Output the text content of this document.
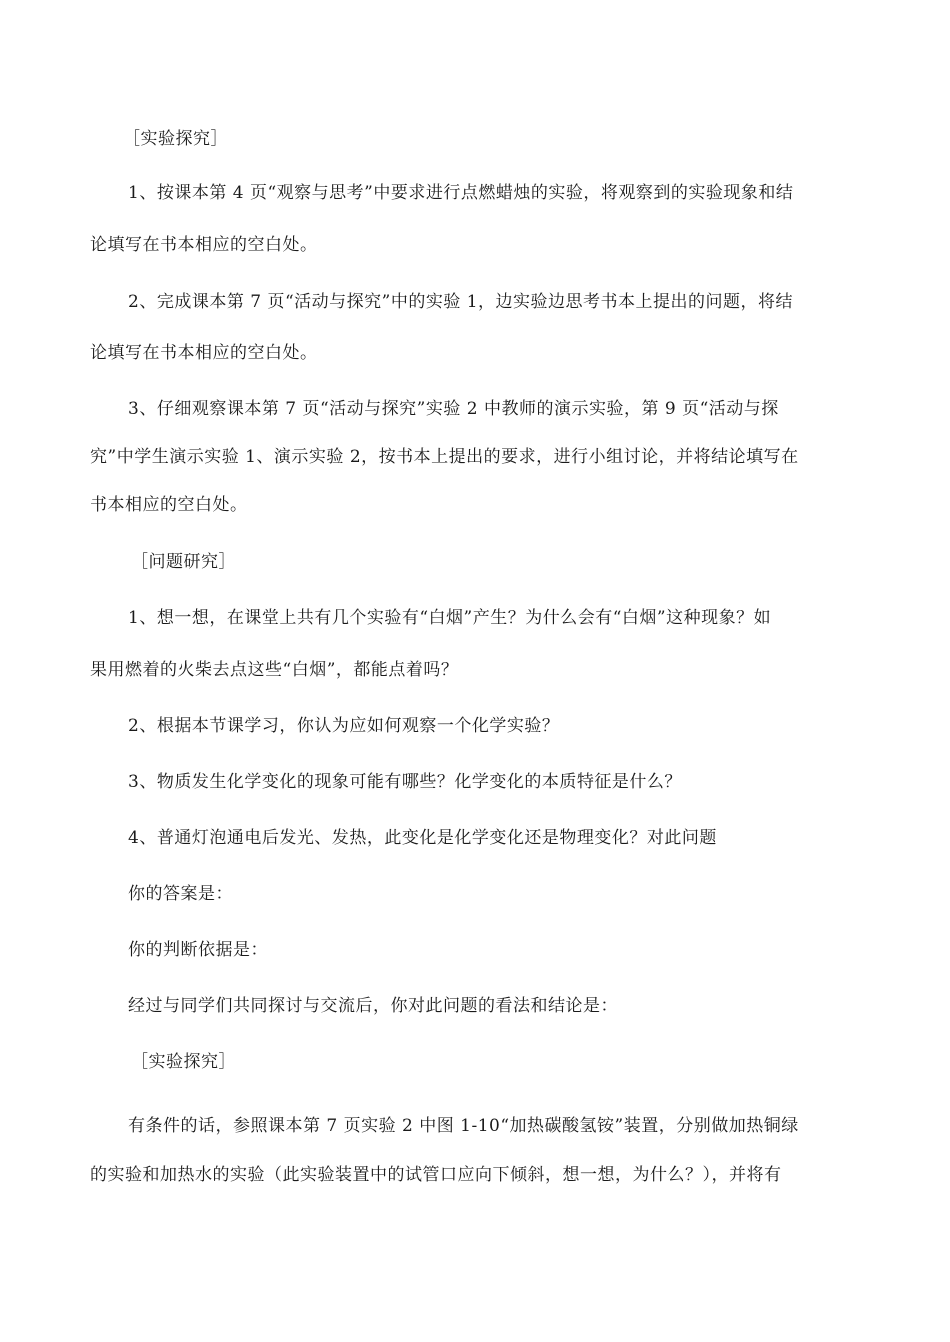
［实验探究］
1、按课本第 4 页“观察与思考”中要求进行点燃蜡烛的实验，将观察到的实验现象和结
论填写在书本相应的空白处。
2、完成课本第 7 页“活动与探究”中的实验 1，边实验边思考书本上提出的问题，将结
论填写在书本相应的空白处。
3、仔细观察课本第 7 页“活动与探究”实验 2 中教师的演示实验，第 9 页“活动与探
究”中学生演示实验 1、演示实验 2，按书本上提出的要求，进行小组讨论，并将结论填写在
书本相应的空白处。
［问题研究］
1、想一想，在课堂上共有几个实验有“白烟”产生？为什么会有“白烟”这种现象？如
果用燃着的火柴去点这些“白烟”，都能点着吗？
2、根据本节课学习，你认为应如何观察一个化学实验？
3、物质发生化学变化的现象可能有哪些？化学变化的本质特征是什么？
4、普通灯泡通电后发光、发热，此变化是化学变化还是物理变化？对此问题
你的答案是：
你的判断依据是：
经过与同学们共同探讨与交流后，你对此问题的看法和结论是：
［实验探究］
有条件的话，参照课本第 7 页实验 2 中图 1-10“加热碳酸氢铵”装置，分别做加热铜绿
的实验和加热水的实验（此实验装置中的试管口应向下倾斜，想一想，为什么？），并将有
